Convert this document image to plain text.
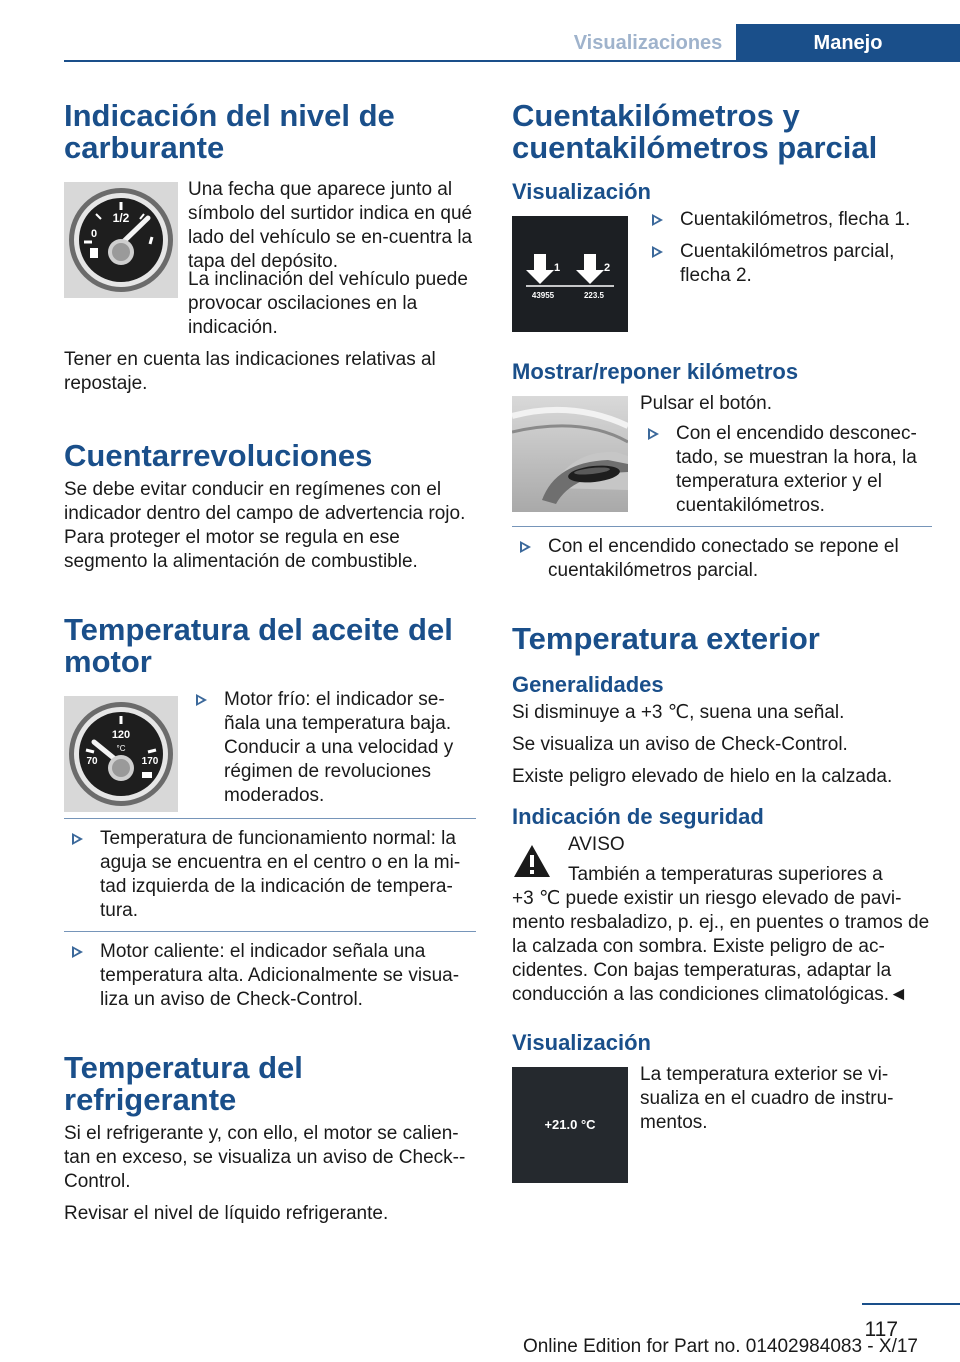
Visualizaciones	Manejo
Indicación del nivel de carburante
1/2
0

Una fecha que aparece junto al símbolo del surtidor indica en qué lado del vehículo se en‐cuentra la tapa del depósito.

La inclinación del vehículo puede provocar oscilaciones en la indicación.

Tener en cuenta las indicaciones relativas al repostaje.

Cuentarrevoluciones

Se debe evitar conducir en regímenes con el indicador dentro del campo de advertencia rojo. Para proteger el motor se regula en ese segmento la alimentación de combustible.

Temperatura del aceite del motor
120
°C
70	170
Motor frío: el indicador se‐ñala una temperatura baja. Conducir a una velocidad y régimen de revoluciones moderados.
Temperatura de funcionamiento normal: la aguja se encuentra en el centro o en la mi‐tad izquierda de la indicación de tempera‐tura.
Motor caliente: el indicador señala una temperatura alta. Adicionalmente se visua‐liza un aviso de Check-Control.
Temperatura del refrigerante

Si el refrigerante y, con ello, el motor se calien‐tan en exceso, se visualiza un aviso de Check--Control.

Revisar el nivel de líquido refrigerante.

Cuentakilómetros y cuentakilómetros parcial
Visualización
1	2
43955	223.5
Cuentakilómetros, flecha 1.
Cuentakilómetros parcial, flecha 2.
Mostrar/reponer kilómetros

Pulsar el botón.

Con el encendido desconec‐tado, se muestran la hora, la temperatura exterior y el cuentakilómetros.
Con el encendido conectado se repone el cuentakilómetros parcial.
Temperatura exterior
Generalidades

Si disminuye a +3 ℃, suena una señal.

Se visualiza un aviso de Check-Control.

Existe peligro elevado de hielo en la calzada.

Indicación de seguridad

AVISO

También a temperaturas superiores a

+3 ℃ puede existir un riesgo elevado de pavi‐mento resbaladizo, p. ej., en puentes o tramos de la calzada con sombra. Existe peligro de ac‐cidentes. Con bajas temperaturas, adaptar la conducción a las condiciones climatológicas.◄

Visualización
+21.0 °C

La temperatura exterior se vi‐sualiza en el cuadro de instru‐mentos.

117
Online Edition for Part no. 01402984083 - X/17
